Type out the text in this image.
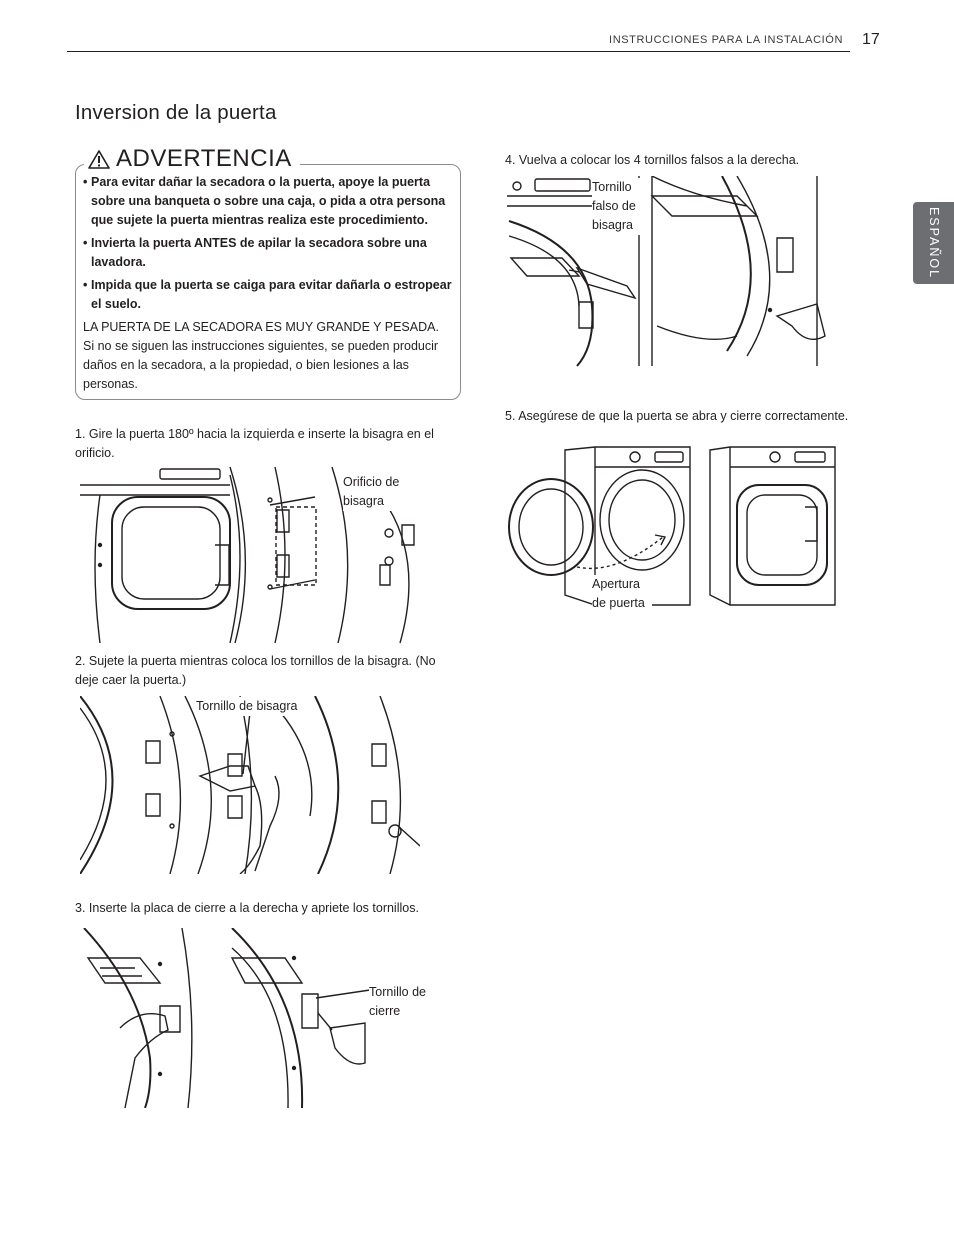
INSTRUCCIONES PARA LA INSTALACIÓN 17
ESPAÑOL
Inversion de la puerta
ADVERTENCIA
• Para evitar dañar la secadora o la puerta, apoye la puerta sobre una banqueta o sobre una caja, o pida a otra persona que sujete la puerta mientras realiza este procedimiento.
• Invierta la puerta ANTES de apilar la secadora sobre una lavadora.
• Impida que la puerta se caiga para evitar dañarla o estropear el suelo.
LA PUERTA DE LA SECADORA ES MUY GRANDE Y PESADA. Si no se siguen las instrucciones siguientes, se pueden producir daños en la secadora, a la propiedad, o bien lesiones a las personas.
1. Gire la puerta 180º hacia la izquierda e inserte la bisagra en el orificio.
Orificio de bisagra
2. Sujete la puerta mientras coloca los tornillos de la bisagra. (No deje caer la puerta.)
Tornillo de bisagra
3. Inserte la placa de cierre a la derecha y apriete los tornillos.
Tornillo de cierre
4. Vuelva a colocar los 4 tornillos falsos a la derecha.
Tornillo falso de bisagra
5. Asegúrese de que la puerta se abra y cierre correctamente.
Apertura de puerta
